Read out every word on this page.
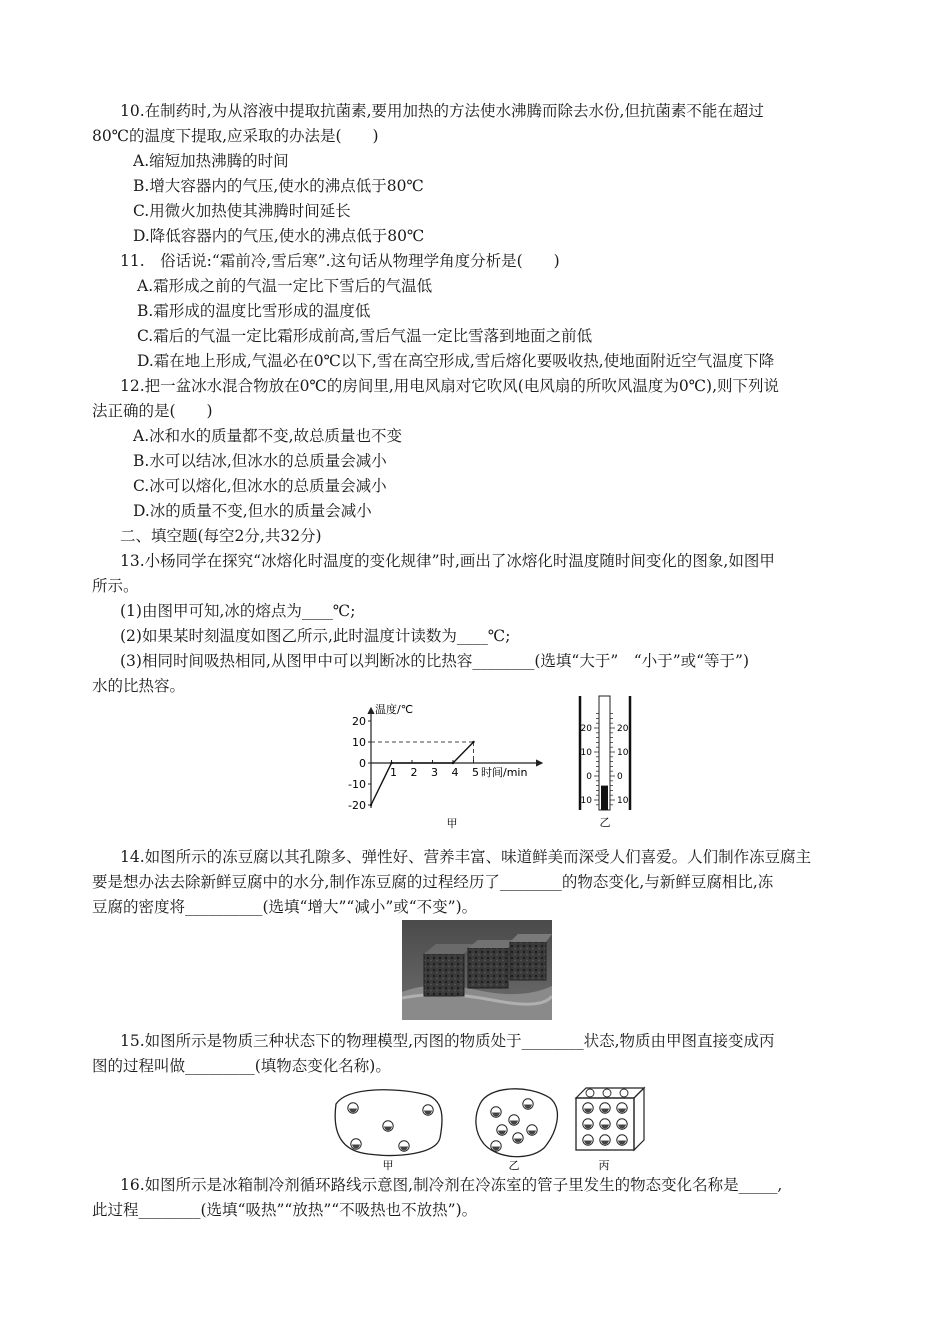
10.在制药时,为从溶液中提取抗菌素,要用加热的方法使水沸腾而除去水份,但抗菌素不能在超过
80℃的温度下提取,应采取的办法是(　　)
A.缩短加热沸腾的时间
B.增大容器内的气压,使水的沸点低于80℃
C.用微火加热使其沸腾时间延长
D.降低容器内的气压,使水的沸点低于80℃
11.　俗话说:“霜前冷,雪后寒”.这句话从物理学角度分析是(　　)
A.霜形成之前的气温一定比下雪后的气温低
B.霜形成的温度比雪形成的温度低
C.霜后的气温一定比霜形成前高,雪后气温一定比雪落到地面之前低
D.霜在地上形成,气温必在0℃以下,雪在高空形成,雪后熔化要吸收热,使地面附近空气温度下降
12.把一盆冰水混合物放在0℃的房间里,用电风扇对它吹风(电风扇的所吹风温度为0℃),则下列说
法正确的是(　　)
A.冰和水的质量都不变,故总质量也不变
B.水可以结冰,但冰水的总质量会减小
C.冰可以熔化,但冰水的总质量会减小
D.冰的质量不变,但水的质量会减小
二、填空题(每空2分,共32分)
13.小杨同学在探究“冰熔化时温度的变化规律”时,画出了冰熔化时温度随时间变化的图象,如图甲
所示。
(1)由图甲可知,冰的熔点为____℃;
(2)如果某时刻温度如图乙所示,此时温度计读数为____℃;
(3)相同时间吸热相同,从图甲中可以判断冰的比热容________(选填“大于”　“小于”或“等于”)
水的比热容。
温度/℃
时间/min
20
10
0
-10
-20
1 2 3 4 5
甲
20	20
10	10
0	0
10	10
乙
14.如图所示的冻豆腐以其孔隙多、弹性好、营养丰富、味道鲜美而深受人们喜爱。人们制作冻豆腐主
要是想办法去除新鲜豆腐中的水分,制作冻豆腐的过程经历了________的物态变化,与新鲜豆腐相比,冻
豆腐的密度将__________(选填“增大”“减小”或“不变”)。
15.如图所示是物质三种状态下的物理模型,丙图的物质处于________状态,物质由甲图直接变成丙
图的过程叫做_________(填物态变化名称)。
甲	乙	丙
16.如图所示是冰箱制冷剂循环路线示意图,制冷剂在冷冻室的管子里发生的物态变化名称是_____,
此过程________(选填“吸热”“放热”“不吸热也不放热”)。
